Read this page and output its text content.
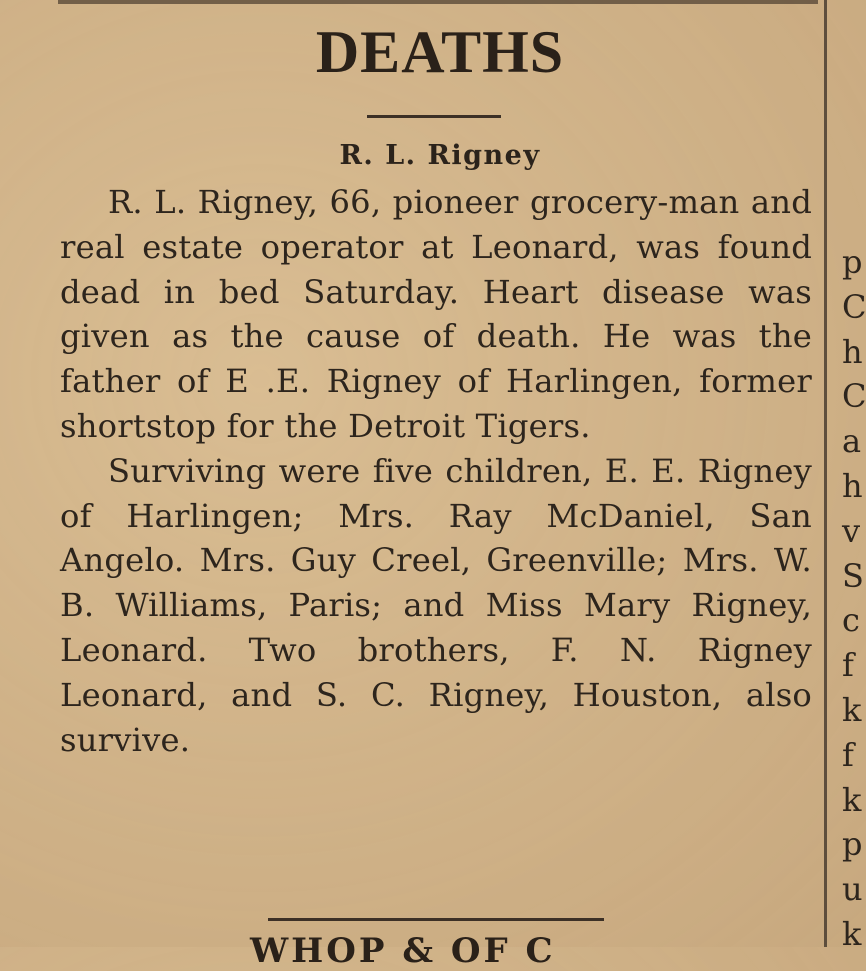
DEATHS
R. L. Rigney

R. L. Rigney, 66, pioneer grocery-man and real estate operator at Leonard, was found dead in bed Saturday. Heart disease was given as the cause of death. He was the father of E .E. Rigney of Harlingen, former shortstop for the Detroit Tigers.

Surviving were five children, E. E. Rigney of Harlingen; Mrs. Ray McDaniel, San Angelo. Mrs. Guy Creel, Greenville; Mrs. W. B. Williams, Paris; and Miss Mary Rigney, Leonard. Two brothers, F. N. Rigney Leonard, and S. C. Rigney, Houston, also survive.

WHOP & OF C
p
C
h
C
a
h
v
S
c
f
k
f
k
p
u
k
